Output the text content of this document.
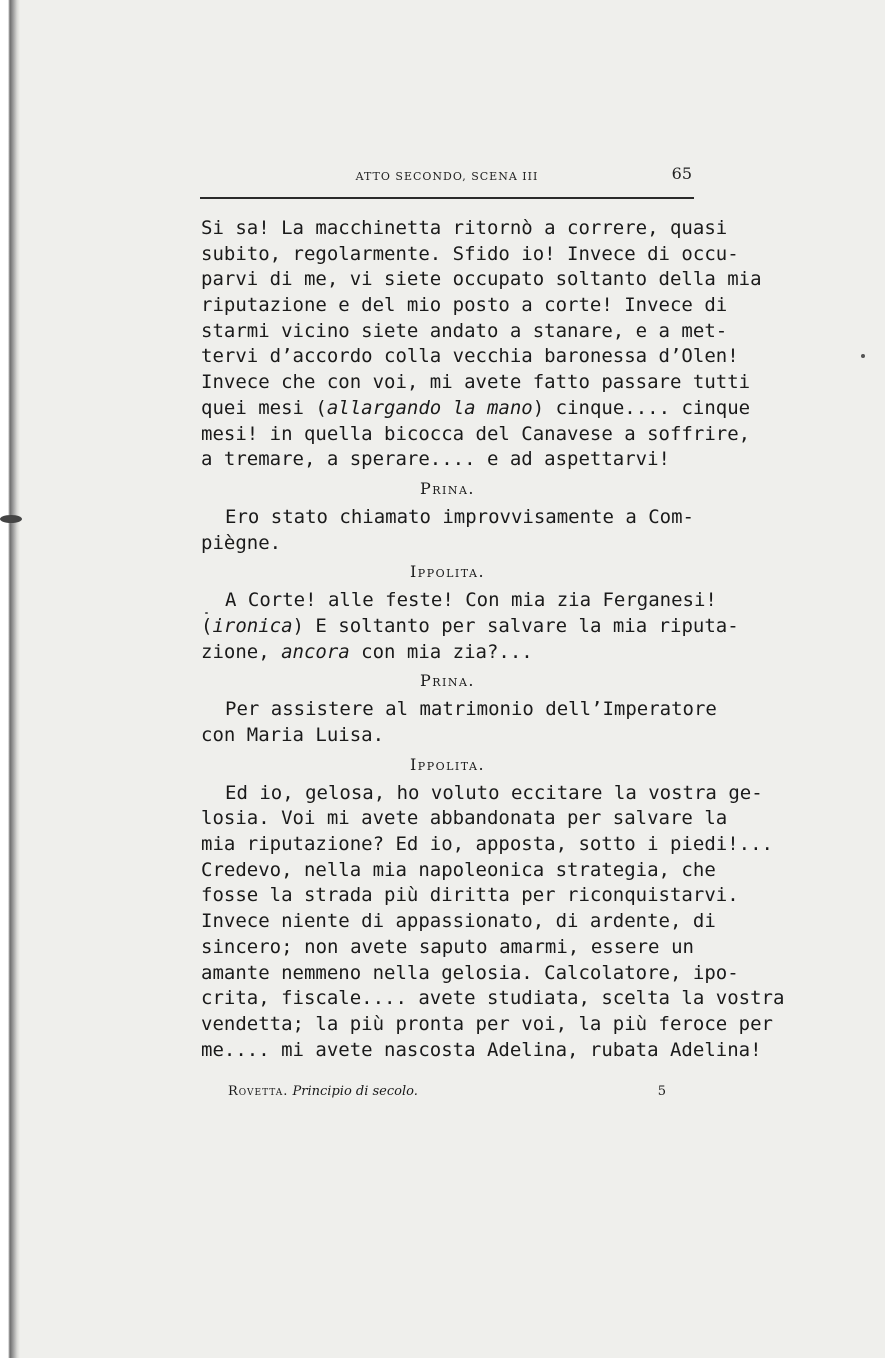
ATTO SECONDO, SCENA III	65
Si sa! La macchinetta ritornò a correre, quasi
subito, regolarmente. Sfido io! Invece di occu-
parvi di me, vi siete occupato soltanto della mia
riputazione e del mio posto a corte! Invece di
starmi vicino siete andato a stanare, e a met-
tervi d’accordo colla vecchia baronessa d’Olen!
Invece che con voi, mi avete fatto passare tutti
quei mesi (allargando la mano) cinque.... cinque
mesi! in quella bicocca del Canavese a soffrire,
a tremare, a sperare.... e ad aspettarvi!
Prina.
Ero stato chiamato improvvisamente a Com-
piègne.
Ippolita.
A Corte! alle feste! Con mia zia Ferganesi!
(ironica) E soltanto per salvare la mia riputa-
zione, ancora con mia zia?...
Prina.
Per assistere al matrimonio dell’Imperatore
con Maria Luisa.
Ippolita.
Ed io, gelosa, ho voluto eccitare la vostra ge-
losia. Voi mi avete abbandonata per salvare la
mia riputazione? Ed io, apposta, sotto i piedi!...
Credevo, nella mia napoleonica strategia, che
fosse la strada più diritta per riconquistarvi.
Invece niente di appassionato, di ardente, di
sincero; non avete saputo amarmi, essere un
amante nemmeno nella gelosia. Calcolatore, ipo-
crita, fiscale.... avete studiata, scelta la vostra
vendetta; la più pronta per voi, la più feroce per
me.... mi avete nascosta Adelina, rubata Adelina!
Rovetta. Principio di secolo.	5
